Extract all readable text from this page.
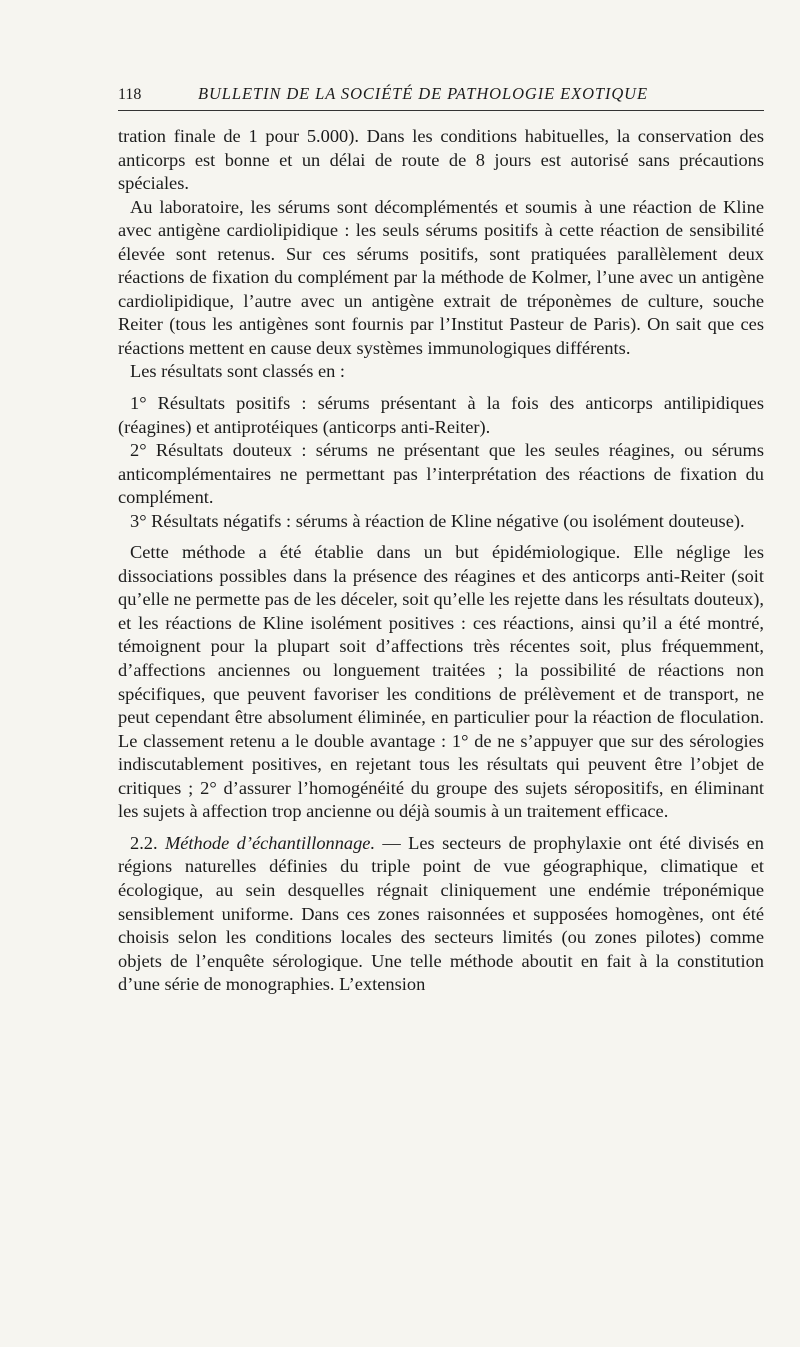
118	BULLETIN DE LA SOCIÉTÉ DE PATHOLOGIE EXOTIQUE

tration finale de 1 pour 5.000). Dans les conditions habituelles, la conservation des anticorps est bonne et un délai de route de 8 jours est autorisé sans précautions spéciales.

Au laboratoire, les sérums sont décomplémentés et soumis à une réaction de Kline avec antigène cardiolipidique : les seuls sérums positifs à cette réaction de sensibilité élevée sont retenus. Sur ces sérums positifs, sont pratiquées parallèlement deux réactions de fixation du complément par la méthode de Kolmer, l’une avec un antigène cardiolipidique, l’autre avec un antigène extrait de tréponèmes de culture, souche Reiter (tous les antigènes sont fournis par l’Institut Pasteur de Paris). On sait que ces réactions mettent en cause deux systèmes immunologiques différents.

Les résultats sont classés en :

1° Résultats positifs : sérums présentant à la fois des anticorps antilipidiques (réagines) et antiprotéiques (anticorps anti-Reiter).

2° Résultats douteux : sérums ne présentant que les seules réagines, ou sérums anticomplémentaires ne permettant pas l’interprétation des réactions de fixation du complément.

3° Résultats négatifs : sérums à réaction de Kline négative (ou isolément douteuse).

Cette méthode a été établie dans un but épidémiologique. Elle néglige les dissociations possibles dans la présence des réagines et des anticorps anti-Reiter (soit qu’elle ne permette pas de les déceler, soit qu’elle les rejette dans les résultats douteux), et les réactions de Kline isolément positives : ces réactions, ainsi qu’il a été montré, témoignent pour la plupart soit d’affections très récentes soit, plus fréquemment, d’affections anciennes ou longuement traitées ; la possibilité de réactions non spécifiques, que peuvent favoriser les conditions de prélèvement et de transport, ne peut cependant être absolument éliminée, en particulier pour la réaction de floculation. Le classement retenu a le double avantage : 1° de ne s’appuyer que sur des sérologies indiscutablement positives, en rejetant tous les résultats qui peuvent être l’objet de critiques ; 2° d’assurer l’homogénéité du groupe des sujets séropositifs, en éliminant les sujets à affection trop ancienne ou déjà soumis à un traitement efficace.

2.2. Méthode d’échantillonnage. — Les secteurs de prophylaxie ont été divisés en régions naturelles définies du triple point de vue géographique, climatique et écologique, au sein desquelles régnait cliniquement une endémie tréponémique sensiblement uniforme. Dans ces zones raisonnées et supposées homogènes, ont été choisis selon les conditions locales des secteurs limités (ou zones pilotes) comme objets de l’enquête sérologique. Une telle méthode aboutit en fait à la constitution d’une série de monographies. L’extension
